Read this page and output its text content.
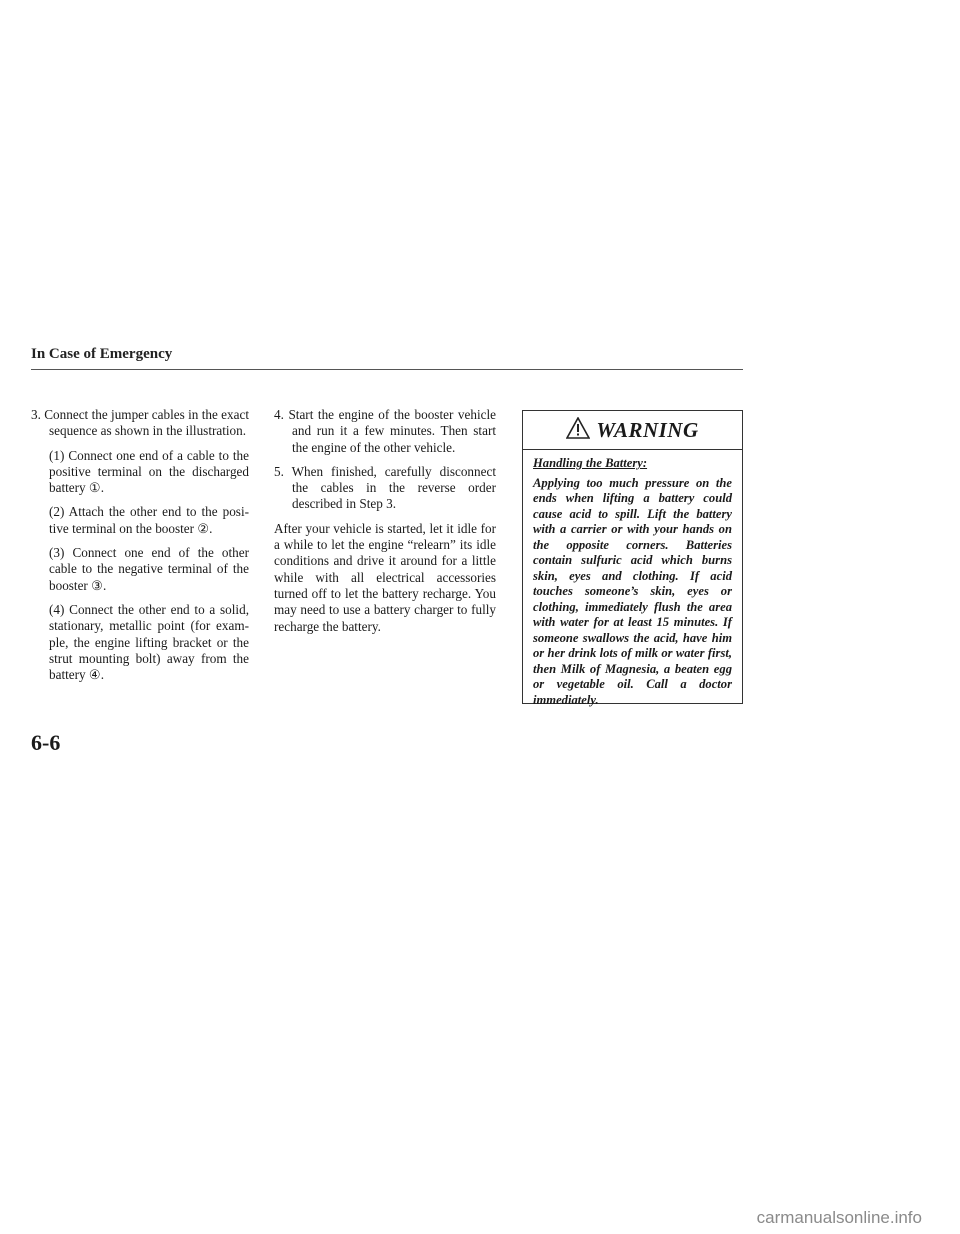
In Case of Emergency

3. Connect the jumper cables in the exact sequence as shown in the illustration.

(1) Connect one end of a cable to the positive terminal on the discharged battery ①.

(2) Attach the other end to the posi-tive terminal on the booster ②.

(3) Connect one end of the other cable to the negative terminal of the booster ③.

(4) Connect the other end to a solid, stationary, metallic point (for exam-ple, the engine lifting bracket or the strut mounting bolt) away from the battery ④.

4. Start the engine of the booster vehicle and run it a few minutes. Then start the engine of the other vehicle.

5. When finished, carefully disconnect the cables in the reverse order described in Step 3.

After your vehicle is started, let it idle for a while to let the engine “relearn” its idle conditions and drive it around for a little while with all electrical accessories turned off to let the battery recharge. You may need to use a battery charger to fully recharge the battery.

WARNING

Handling the Battery:

Applying too much pressure on the ends when lifting a battery could cause acid to spill. Lift the battery with a carrier or with your hands on the opposite corners. Batteries contain sulfuric acid which burns skin, eyes and clothing. If acid touches someone’s skin, eyes or clothing, immediately flush the area with water for at least 15 minutes. If someone swallows the acid, have him or her drink lots of milk or water first, then Milk of Magnesia, a beaten egg or vegetable oil. Call a doctor immediately.

6-6
carmanualsonline.info
